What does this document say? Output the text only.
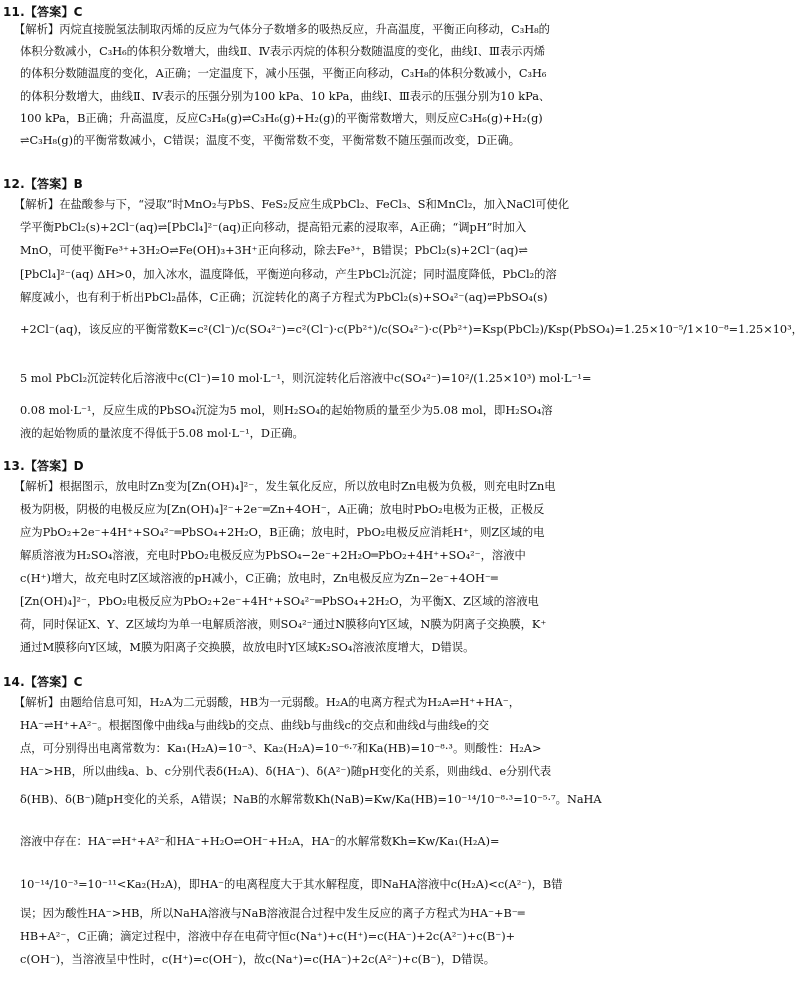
11.【答案】C
【解析】丙烷直接脱氢法制取丙烯的反应为气体分子数增多的吸热反应，升高温度，平衡正向移动，C₃H₈的
体积分数减小，C₃H₆的体积分数增大，曲线Ⅱ、Ⅳ表示丙烷的体积分数随温度的变化，曲线Ⅰ、Ⅲ表示丙烯
的体积分数随温度的变化，A正确；一定温度下，减小压强，平衡正向移动，C₃H₈的体积分数减小，C₃H₆
的体积分数增大，曲线Ⅱ、Ⅳ表示的压强分别为100 kPa、10 kPa，曲线Ⅰ、Ⅲ表示的压强分别为10 kPa、
100 kPa，B正确；升高温度，反应C₃H₈(g)⇌C₃H₆(g)+H₂(g)的平衡常数增大，则反应C₃H₆(g)+H₂(g)
⇌C₃H₈(g)的平衡常数减小，C错误；温度不变，平衡常数不变，平衡常数不随压强而改变，D正确。
12.【答案】B
【解析】在盐酸参与下，“浸取”时MnO₂与PbS、FeS₂反应生成PbCl₂、FeCl₃、S和MnCl₂，加入NaCl可使化
学平衡PbCl₂(s)+2Cl⁻(aq)⇌[PbCl₄]²⁻(aq)正向移动，提高铅元素的浸取率，A正确；“调pH”时加入
MnO，可使平衡Fe³⁺+3H₂O⇌Fe(OH)₃+3H⁺正向移动，除去Fe³⁺，B错误；PbCl₂(s)+2Cl⁻(aq)⇌
[PbCl₄]²⁻(aq) ΔH>0，加入冰水，温度降低，平衡逆向移动，产生PbCl₂沉淀；同时温度降低，PbCl₂的溶
解度减小，也有利于析出PbCl₂晶体，C正确；沉淀转化的离子方程式为PbCl₂(s)+SO₄²⁻(aq)⇌PbSO₄(s)
+2Cl⁻(aq)，该反应的平衡常数K=c²(Cl⁻)/c(SO₄²⁻)=c²(Cl⁻)·c(Pb²⁺)/c(SO₄²⁻)·c(Pb²⁺)=Ksp(PbCl₂)/Ksp(PbSO₄)=1.25×10⁻⁵/1×10⁻⁸=1.25×10³，
5 mol PbCl₂沉淀转化后溶液中c(Cl⁻)=10 mol·L⁻¹，则沉淀转化后溶液中c(SO₄²⁻)=10²/(1.25×10³) mol·L⁻¹=
0.08 mol·L⁻¹，反应生成的PbSO₄沉淀为5 mol，则H₂SO₄的起始物质的量至少为5.08 mol，即H₂SO₄溶
液的起始物质的量浓度不得低于5.08 mol·L⁻¹，D正确。
13.【答案】D
【解析】根据图示，放电时Zn变为[Zn(OH)₄]²⁻，发生氧化反应，所以放电时Zn电极为负极，则充电时Zn电
极为阴极，阴极的电极反应为[Zn(OH)₄]²⁻+2e⁻═Zn+4OH⁻，A正确；放电时PbO₂电极为正极，正极反
应为PbO₂+2e⁻+4H⁺+SO₄²⁻═PbSO₄+2H₂O，B正确；放电时，PbO₂电极反应消耗H⁺，则Z区域的电
解质溶液为H₂SO₄溶液，充电时PbO₂电极反应为PbSO₄−2e⁻+2H₂O═PbO₂+4H⁺+SO₄²⁻，溶液中
c(H⁺)增大，故充电时Z区域溶液的pH减小，C正确；放电时，Zn电极反应为Zn−2e⁻+4OH⁻═
[Zn(OH)₄]²⁻，PbO₂电极反应为PbO₂+2e⁻+4H⁺+SO₄²⁻═PbSO₄+2H₂O，为平衡X、Z区域的溶液电
荷，同时保证X、Y、Z区域均为单一电解质溶液，则SO₄²⁻通过N膜移向Y区域，N膜为阴离子交换膜，K⁺
通过M膜移向Y区域，M膜为阳离子交换膜，故放电时Y区域K₂SO₄溶液浓度增大，D错误。
14.【答案】C
【解析】由题给信息可知，H₂A为二元弱酸，HB为一元弱酸。H₂A的电离方程式为H₂A⇌H⁺+HA⁻，
HA⁻⇌H⁺+A²⁻。根据图像中曲线a与曲线b的交点、曲线b与曲线c的交点和曲线d与曲线e的交
点，可分别得出电离常数为：Ka₁(H₂A)=10⁻³、Ka₂(H₂A)=10⁻⁶·⁷和Ka(HB)=10⁻⁸·³。则酸性：H₂A>
HA⁻>HB，所以曲线a、b、c分别代表δ(H₂A)、δ(HA⁻)、δ(A²⁻)随pH变化的关系，则曲线d、e分别代表
δ(HB)、δ(B⁻)随pH变化的关系，A错误；NaB的水解常数Kh(NaB)=Kw/Ka(HB)=10⁻¹⁴/10⁻⁸·³=10⁻⁵·⁷。NaHA
溶液中存在：HA⁻⇌H⁺+A²⁻和HA⁻+H₂O⇌OH⁻+H₂A，HA⁻的水解常数Kh=Kw/Ka₁(H₂A)=
10⁻¹⁴/10⁻³=10⁻¹¹<Ka₂(H₂A)，即HA⁻的电离程度大于其水解程度，即NaHA溶液中c(H₂A)<c(A²⁻)，B错
误；因为酸性HA⁻>HB，所以NaHA溶液与NaB溶液混合过程中发生反应的离子方程式为HA⁻+B⁻═
HB+A²⁻，C正确；滴定过程中，溶液中存在电荷守恒c(Na⁺)+c(H⁺)=c(HA⁻)+2c(A²⁻)+c(B⁻)+
c(OH⁻)，当溶液呈中性时，c(H⁺)=c(OH⁻)，故c(Na⁺)=c(HA⁻)+2c(A²⁻)+c(B⁻)，D错误。
